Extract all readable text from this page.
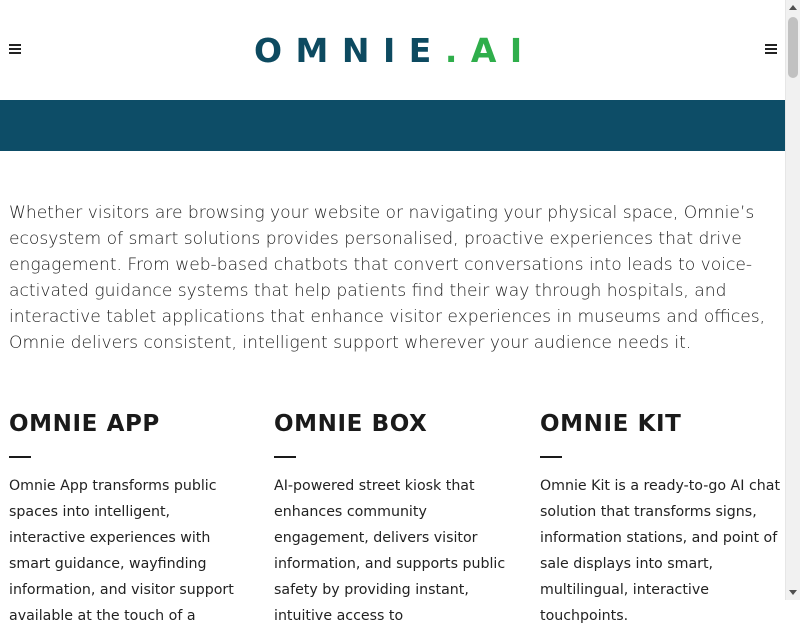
OMNIE.AI

Whether visitors are browsing your website or navigating your physical space, Omnie’s ecosystem of smart solutions provides personalised, proactive experiences that drive engagement. From web-based chatbots that convert conversations into leads to voice-activated guidance systems that help patients find their way through hospitals, and interactive tablet applications that enhance visitor experiences in museums and offices, Omnie delivers consistent, intelligent support wherever your audience needs it.

OMNIE APP

Omnie App transforms public spaces into intelligent, interactive experiences with smart guidance, wayfinding information, and visitor support available at the touch of a

OMNIE BOX

AI-powered street kiosk that enhances community engagement, delivers visitor information, and supports public safety by providing instant, intuitive access to

OMNIE KIT

Omnie Kit is a ready-to-go AI chat solution that transforms signs, information stations, and point of sale displays into smart, multilingual, interactive touchpoints.
